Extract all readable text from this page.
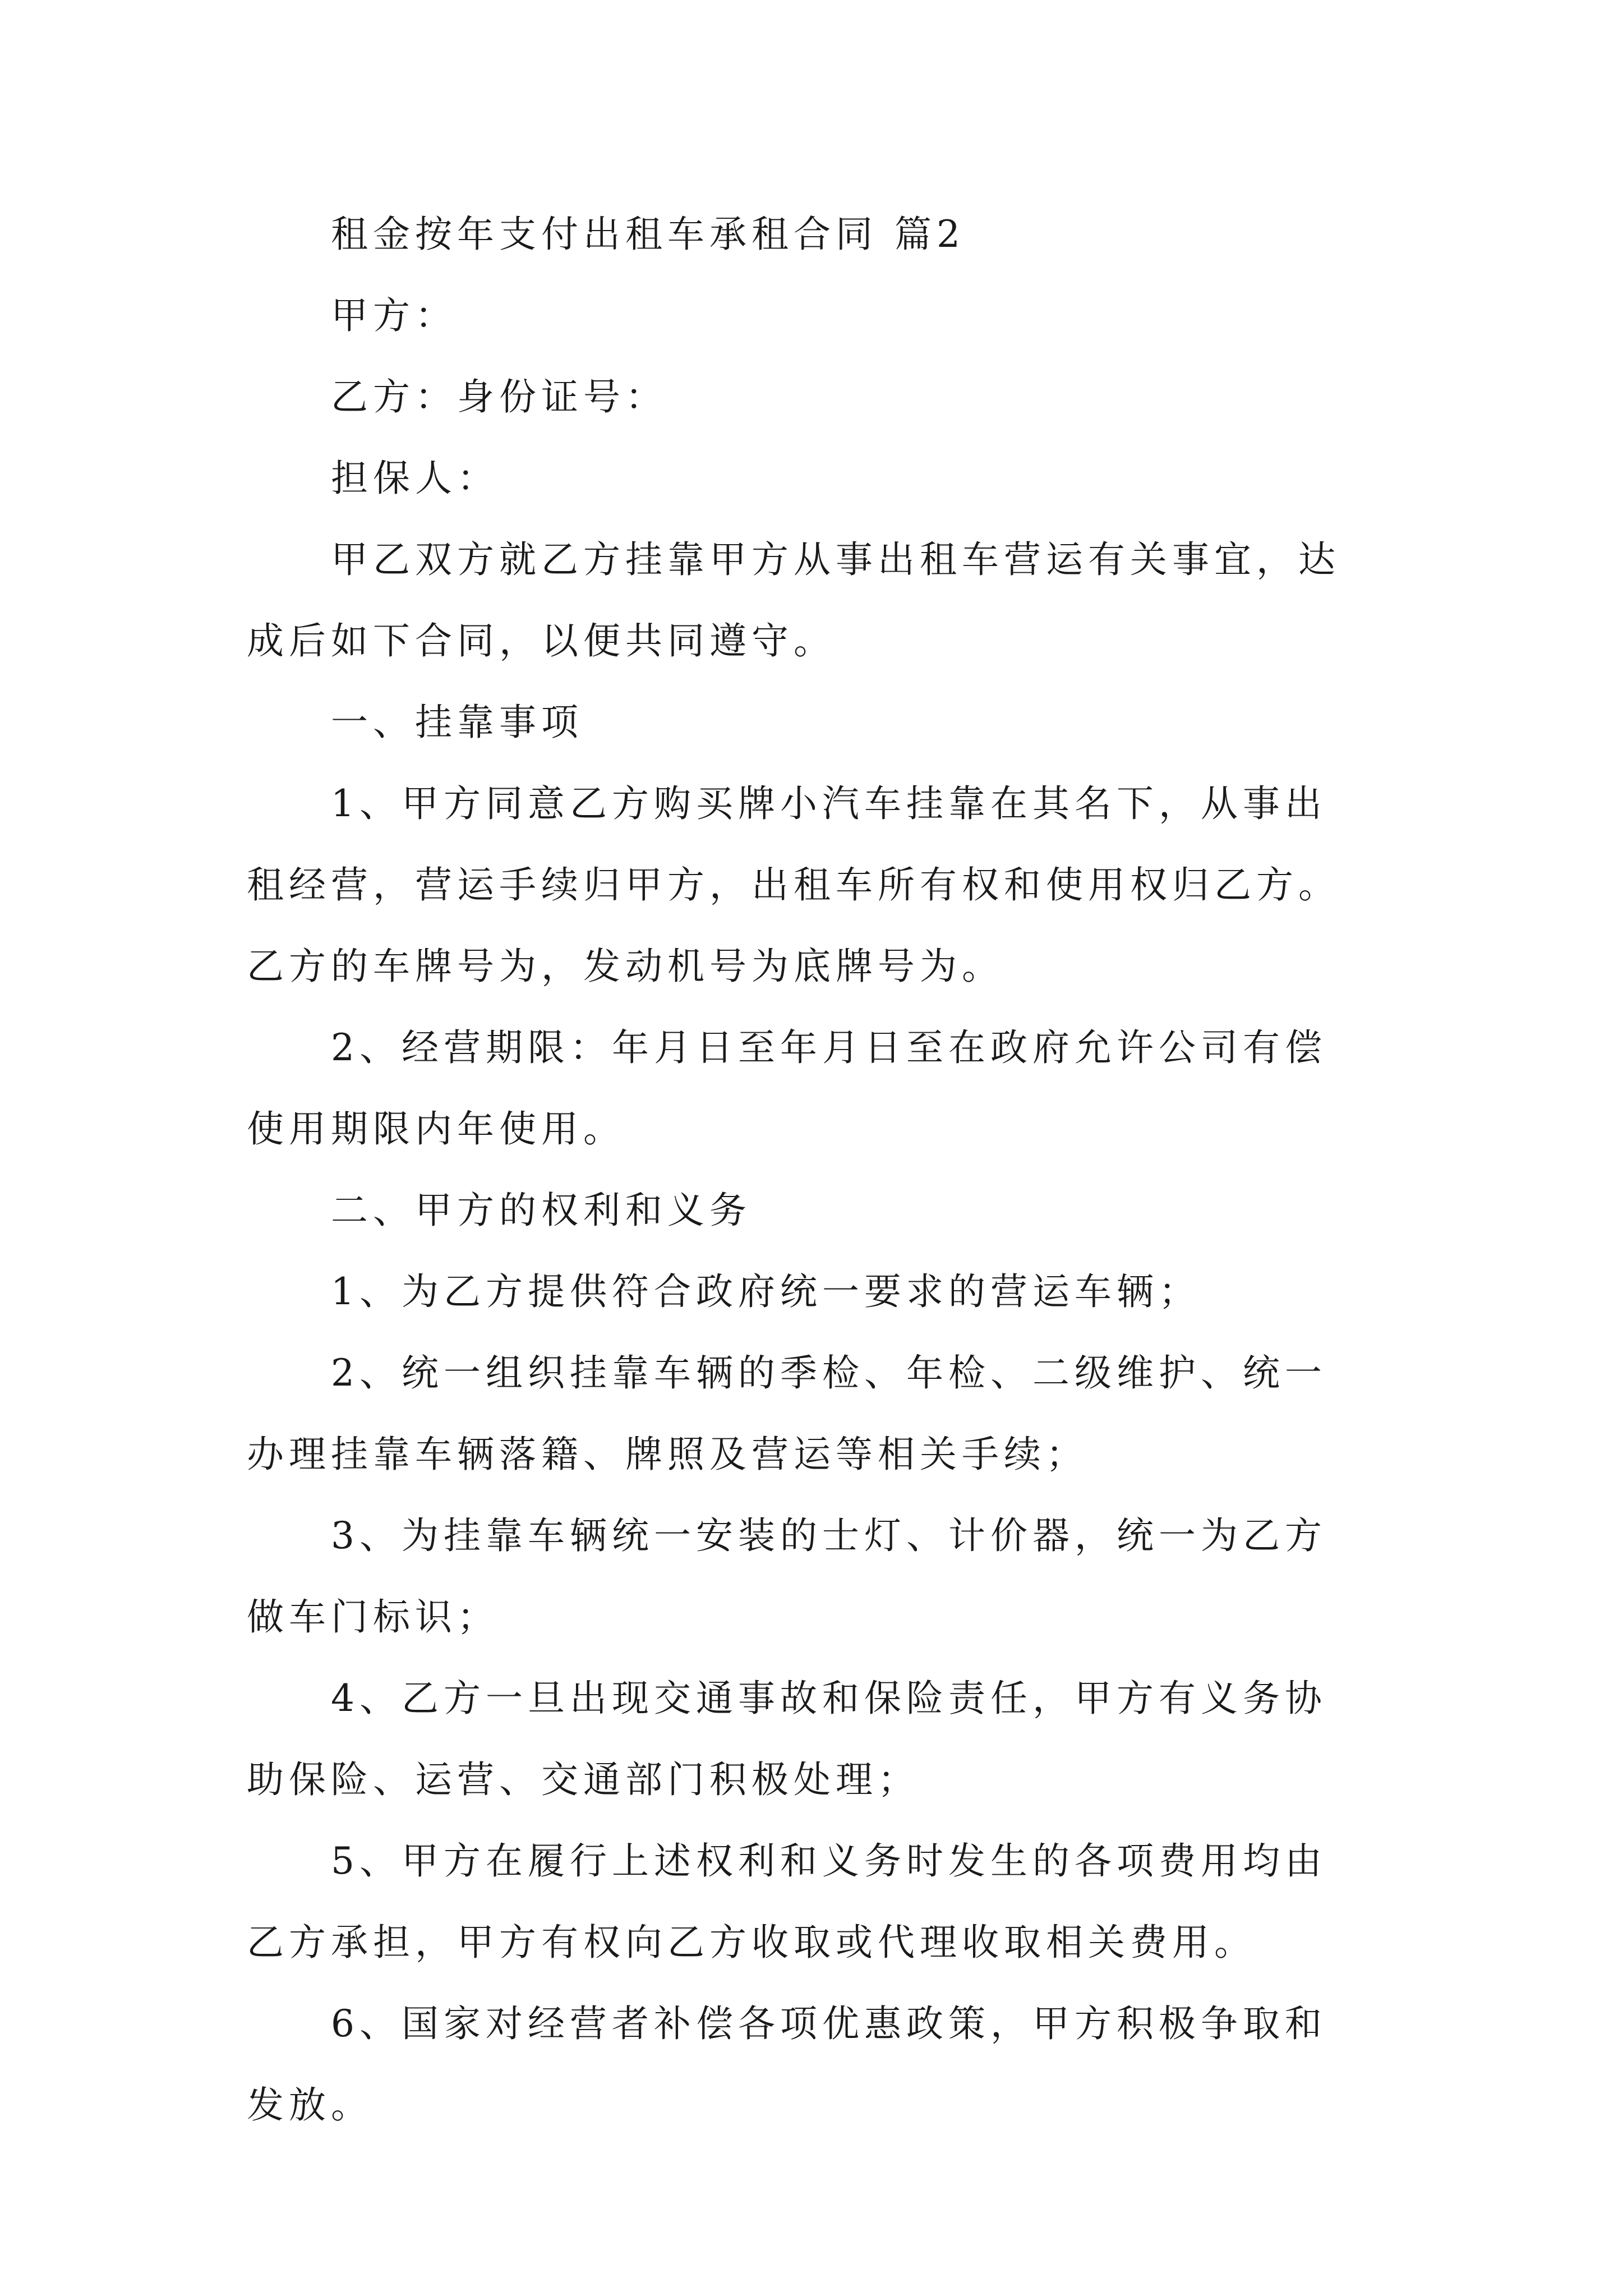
租金按年支付出租车承租合同 篇2
甲方：
乙方：身份证号：
担保人：
甲乙双方就乙方挂靠甲方从事出租车营运有关事宜，达
成后如下合同，以便共同遵守。
一、挂靠事项
1、甲方同意乙方购买牌小汽车挂靠在其名下，从事出
租经营，营运手续归甲方，出租车所有权和使用权归乙方。
乙方的车牌号为，发动机号为底牌号为。
2、经营期限：年月日至年月日至在政府允许公司有偿
使用期限内年使用。
二、甲方的权利和义务
1、为乙方提供符合政府统一要求的营运车辆；
2、统一组织挂靠车辆的季检、年检、二级维护、统一
办理挂靠车辆落籍、牌照及营运等相关手续；
3、为挂靠车辆统一安装的士灯、计价器，统一为乙方
做车门标识；
4、乙方一旦出现交通事故和保险责任，甲方有义务协
助保险、运营、交通部门积极处理；
5、甲方在履行上述权利和义务时发生的各项费用均由
乙方承担，甲方有权向乙方收取或代理收取相关费用。
6、国家对经营者补偿各项优惠政策，甲方积极争取和
发放。
